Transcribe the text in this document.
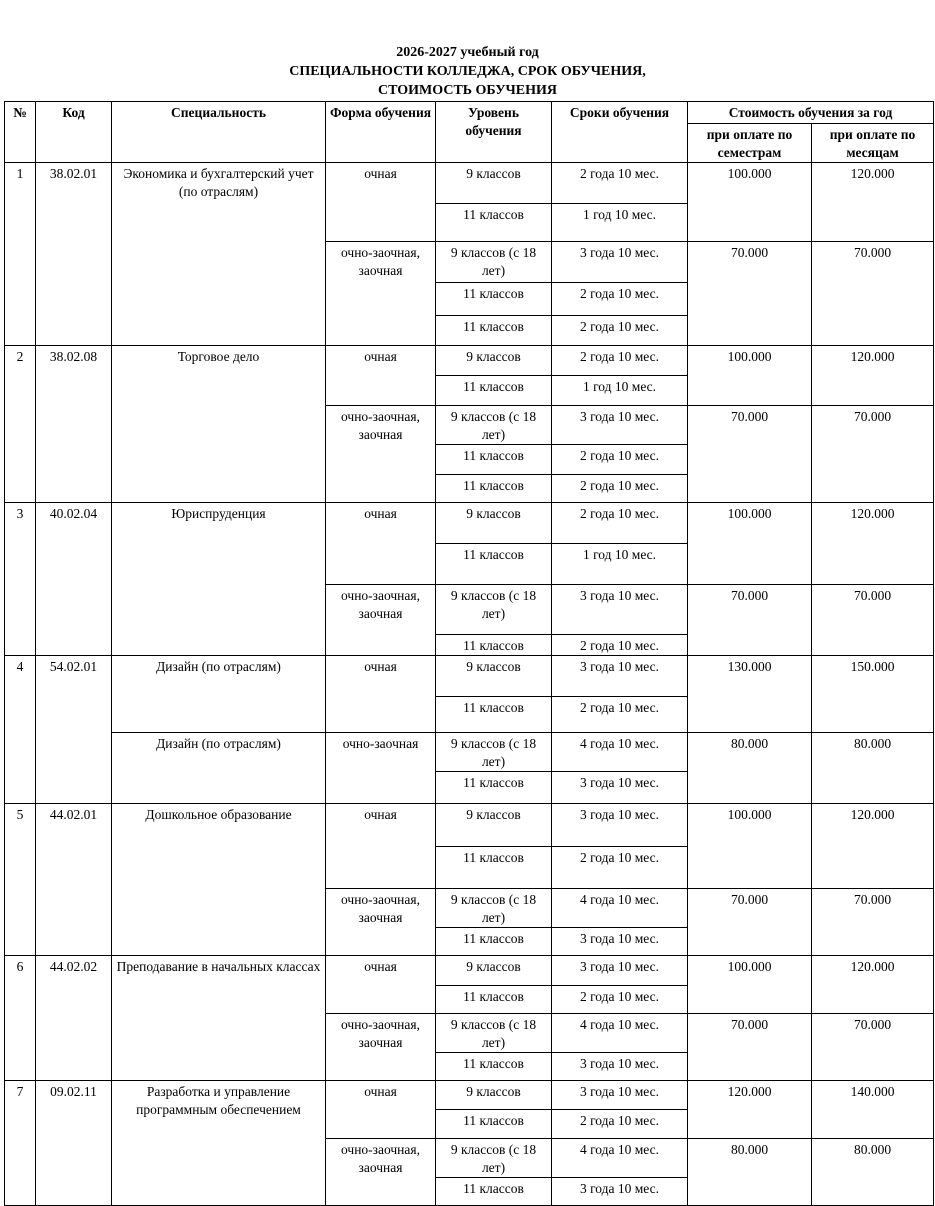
2026-2027 учебный год
СПЕЦИАЛЬНОСТИ КОЛЛЕДЖА, СРОК ОБУЧЕНИЯ,
СТОИМОСТЬ ОБУЧЕНИЯ
№	Код	Специальность	Форма обучения	Уровень обучения	Сроки обучения	Стоимость обучения за год	
						при оплате по семестрам	при оплате по месяцам
1	38.02.01	Экономика и бухгалтерский учет (по отраслям)	очная	9 классов	2 года 10 мес.	100.000	120.000
				11 классов	1 год 10 мес.		
			очно-заочная, заочная	9 классов (с 18 лет)	3 года 10 мес.	70.000	70.000
				11 классов	2 года 10 мес.		
				11 классов	2 года 10 мес.		
2	38.02.08	Торговое дело	очная	9 классов	2 года 10 мес.	100.000	120.000
				11 классов	1 год 10 мес.		
			очно-заочная, заочная	9 классов (с 18 лет)	3 года 10 мес.	70.000	70.000
				11 классов	2 года 10 мес.		
				11 классов	2 года 10 мес.		
3	40.02.04	Юриспруденция	очная	9 классов	2 года 10 мес.	100.000	120.000
				11 классов	1 год 10 мес.		
			очно-заочная, заочная	9 классов (с 18 лет)	3 года 10 мес.	70.000	70.000
				11 классов	2 года 10 мес.		
4	54.02.01	Дизайн (по отраслям)	очная	9 классов	3 года 10 мес.	130.000	150.000
				11 классов	2 года 10 мес.		
		Дизайн (по отраслям)	очно-заочная	9 классов (с 18 лет)	4 года 10 мес.	80.000	80.000
				11 классов	3 года 10 мес.		
5	44.02.01	Дошкольное образование	очная	9 классов	3 года 10 мес.	100.000	120.000
				11 классов	2 года 10 мес.		
			очно-заочная, заочная	9 классов (с 18 лет)	4 года 10 мес.	70.000	70.000
				11 классов	3 года 10 мес.		
6	44.02.02	Преподавание в начальных классах	очная	9 классов	3 года 10 мес.	100.000	120.000
				11 классов	2 года 10 мес.		
			очно-заочная, заочная	9 классов (с 18 лет)	4 года 10 мес.	70.000	70.000
				11 классов	3 года 10 мес.		
7	09.02.11	Разработка и управление программным обеспечением	очная	9 классов	3 года 10 мес.	120.000	140.000
				11 классов	2 года 10 мес.		
			очно-заочная, заочная	9 классов (с 18 лет)	4 года 10 мес.	80.000	80.000
				11 классов	3 года 10 мес.		
